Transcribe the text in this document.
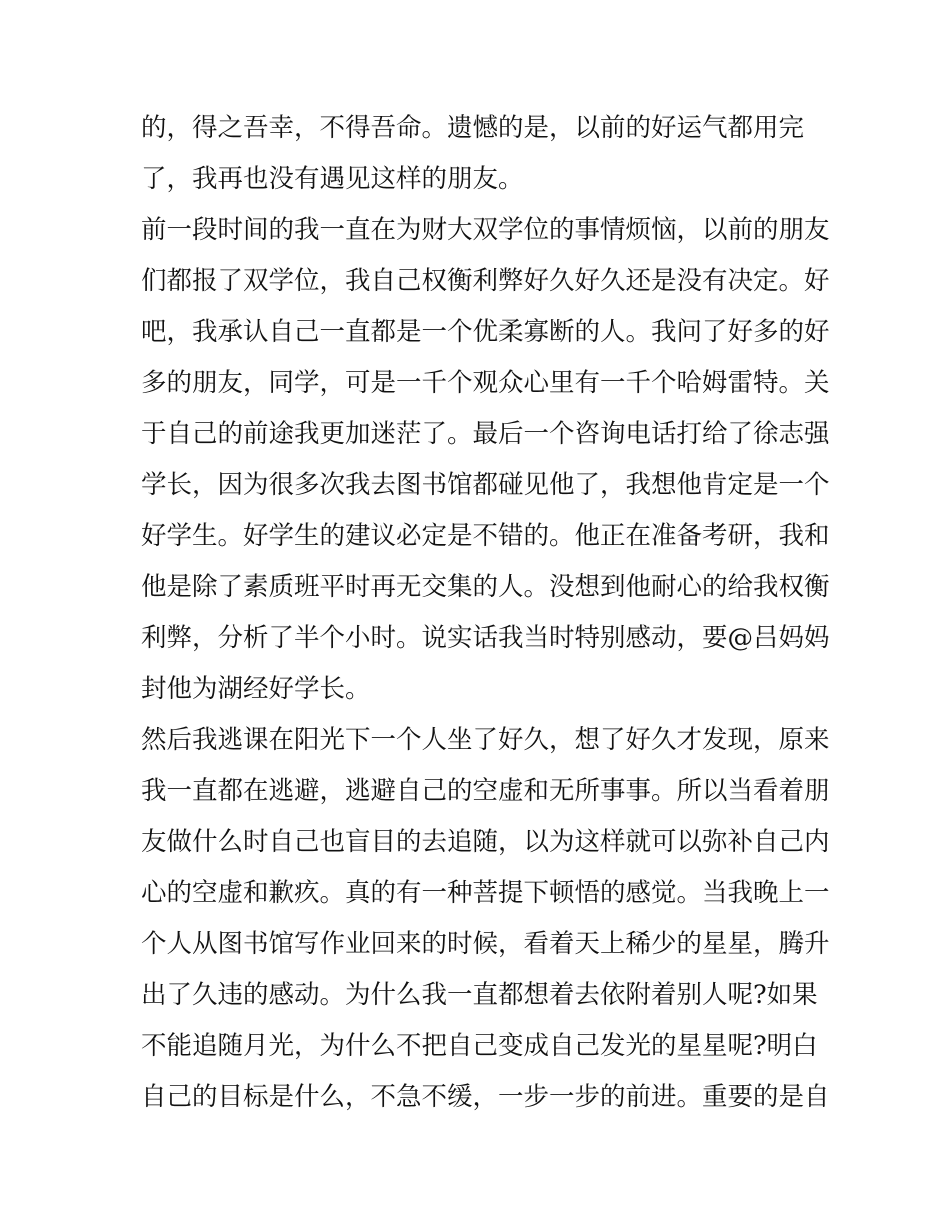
的，得之吾幸，不得吾命。遗憾的是，以前的好运气都用完
了，我再也没有遇见这样的朋友。
前一段时间的我一直在为财大双学位的事情烦恼，以前的朋友
们都报了双学位，我自己权衡利弊好久好久还是没有决定。好
吧，我承认自己一直都是一个优柔寡断的人。我问了好多的好
多的朋友，同学，可是一千个观众心里有一千个哈姆雷特。关
于自己的前途我更加迷茫了。最后一个咨询电话打给了徐志强
学长，因为很多次我去图书馆都碰见他了，我想他肯定是一个
好学生。好学生的建议必定是不错的。他正在准备考研，我和
他是除了素质班平时再无交集的人。没想到他耐心的给我权衡
利弊，分析了半个小时。说实话我当时特别感动，要@吕妈妈
封他为湖经好学长。
然后我逃课在阳光下一个人坐了好久，想了好久才发现，原来
我一直都在逃避，逃避自己的空虚和无所事事。所以当看着朋
友做什么时自己也盲目的去追随，以为这样就可以弥补自己内
心的空虚和歉疚。真的有一种菩提下顿悟的感觉。当我晚上一
个人从图书馆写作业回来的时候，看着天上稀少的星星，腾升
出了久违的感动。为什么我一直都想着去依附着别人呢?如果
不能追随月光，为什么不把自己变成自己发光的星星呢?明白
自己的目标是什么，不急不缓，一步一步的前进。重要的是自
